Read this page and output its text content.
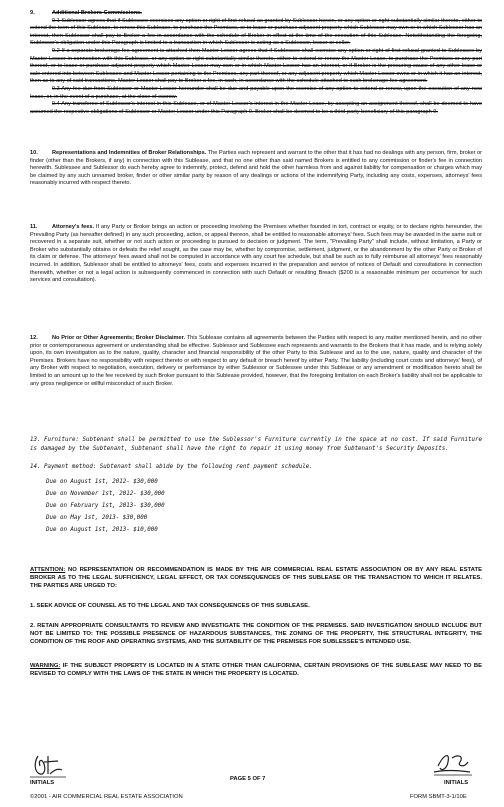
9.	Additional Brokers Commissions.

9.1 Sublessor agrees that if Sublessee exercises any option or right of first refusal as granted by Sublessor herein, or any option or right substantially similar thereto, either to extend the term of this Sublease, to renew this Sublease, to purchase the Premises, or to lease or purchase adjacent property which Sublessor may own or in which Sublessor has an interest, then Sublessor shall pay to Broker a fee in accordance with the schedule of Broker in effect at the time of the execution of this Sublease. Notwithstanding the foregoing, Sublessor's obligation under this Paragraph is limited to a transaction in which Sublessor is acting as a Sublessor, lessor or seller.

9.2 If a separate brokerage fee agreement is attached then Master Lessor agrees that if Sublessee shall exercise any option or right of first refusal granted to Sublessee by Master Lessor in connection with this Sublease, or any option or right substantially similar thereto, either to extend or renew the Master Lease, to purchase the Premises or any part thereof, or to lease or purchase adjacent property which Master Lessor may own or in which Master Lessor has an interest, or if Broker is the procuring cause of any other lease or sale entered into between Sublessee and Master Lessor pertaining to the Premises, any part thereof, or any adjacent property which Master Lessor owns or in which it has an interest, then as to any of said transactions, Master Lessor shall pay to Broker a fee, in cash, in accordance with the schedule attached to such brokerage fee agreement.

9.3 Any fee due from Sublessor or Master Lessor hereunder shall be due and payable upon the exercise of any option to extend or renew, upon the execution of any new lease, or, in the event of a purchase, at the close of escrow.

9.4 Any transferee of Sublessor's interest in this Sublease, or of Master Lessor's interest in the Master Lease, by accepting an assignment thereof, shall be deemed to have assumed the respective obligations of Sublessor or Master Lessor under this Paragraph 9. Broker shall be deemed to be a third-party beneficiary of this paragraph 9.

10.	Representations and Indemnities of Broker Relationships. The Parties each represent and warrant to the other that it has had no dealings with any person, firm, broker or finder (other than the Brokers, if any) in connection with this Sublease, and that no one other than said named Brokers is entitled to any commission or finder's fee in connection herewith. Sublessee and Sublessor do each hereby agree to indemnify, protect, defend and hold the other harmless from and against liability for compensation or charges which may be claimed by any such unnamed broker, finder or other similar party by reason of any dealings or actions of the indemnifying Party, including any costs, expenses, attorneys' fees reasonably incurred with respect thereto.
11.	Attorney's fees. If any Party or Broker brings an action or proceeding involving the Premises whether founded in tort, contract or equity, or to declare rights hereunder, the Prevailing Party (as hereafter defined) in any such proceeding, action, or appeal thereon, shall be entitled to reasonable attorneys' fees. Such fees may be awarded in the same suit or recovered in a separate suit, whether or not such action or proceeding is pursued to decision or judgment. The term, "Prevailing Party" shall include, without limitation, a Party or Broker who substantially obtains or defeats the relief sought, as the case may be, whether by compromise, settlement, judgment, or the abandonment by the other Party or Broker of its claim or defense. The attorneys' fees award shall not be computed in accordance with any court fee schedule, but shall be such as to fully reimburse all attorneys' fees reasonably incurred. In addition, Sublessor shall be entitled to attorneys' fees, costs and expenses incurred in the preparation and service of notices of Default and consultations in connection therewith, whether or not a legal action is subsequently commenced in connection with such Default or resulting Breach ($200 is a reasonable minimum per occurrence for such services and consultation).
12.	No Prior or Other Agreements; Broker Disclaimer. This Sublease contains all agreements between the Parties with respect to any matter mentioned herein, and no other prior or contemporaneous agreement or understanding shall be effective. Sublessor and Sublessee each represents and warrants to the Brokers that it has made, and is relying solely upon, its own investigation as to the nature, quality, character and financial responsibility of the other Party to this Sublease and as to the use, nature, quality and character of the Premises. Brokers have no responsibility with respect thereto or with respect to any default or breach hereof by either Party. The liability (including court costs and attorneys' fees), of any Broker with respect to negotiation, execution, delivery or performance by either Sublessor or Sublessee under this Sublease or any amendment or modification hereto shall be limited to an amount up to the fee received by such Broker pursuant to this Sublease provided, however, that the foregoing limitation on each Broker's liability shall not be applicable to any gross negligence or willful misconduct of such Broker.
13. Furniture: Subtenant shall be permitted to use the Sublessor's Furniture currently in the space at no cost. If said Furniture is damaged by the Subtenant, Subtenant shall have the right to repair it using money from Subtenant's Security Deposits.
14. Payment method: Subtenant shall abide by the following rent payment schedule.
Due on August 1st, 2012- $30,000
Due on November 1st, 2012- $30,000
Due on February 1st, 2013- $30,000
Due on May 1st, 2013- $30,000
Due on August 1st, 2013- $10,000
ATTENTION: NO REPRESENTATION OR RECOMMENDATION IS MADE BY THE AIR COMMERCIAL REAL ESTATE ASSOCIATION OR BY ANY REAL ESTATE BROKER AS TO THE LEGAL SUFFICIENCY, LEGAL EFFECT, OR TAX CONSEQUENCES OF THIS SUBLEASE OR THE TRANSACTION TO WHICH IT RELATES. THE PARTIES ARE URGED TO:
1. SEEK ADVICE OF COUNSEL AS TO THE LEGAL AND TAX CONSEQUENCES OF THIS SUBLEASE.
2. RETAIN APPROPRIATE CONSULTANTS TO REVIEW AND INVESTIGATE THE CONDITION OF THE PREMISES. SAID INVESTIGATION SHOULD INCLUDE BUT NOT BE LIMITED TO: THE POSSIBLE PRESENCE OF HAZARDOUS SUBSTANCES, THE ZONING OF THE PROPERTY, THE STRUCTURAL INTEGRITY, THE CONDITION OF THE ROOF AND OPERATING SYSTEMS, AND THE SUITABILITY OF THE PREMISES FOR SUBLESSEE'S INTENDED USE.
WARNING: IF THE SUBJECT PROPERTY IS LOCATED IN A STATE OTHER THAN CALIFORNIA, CERTAIN PROVISIONS OF THE SUBLEASE MAY NEED TO BE REVISED TO COMPLY WITH THE LAWS OF THE STATE IN WHICH THE PROPERTY IS LOCATED.
INITIALS
PAGE 5 OF 7
INITIALS
©2001 - AIR COMMERCIAL REAL ESTATE ASSOCIATION	FORM SBMT-3-1/10E
